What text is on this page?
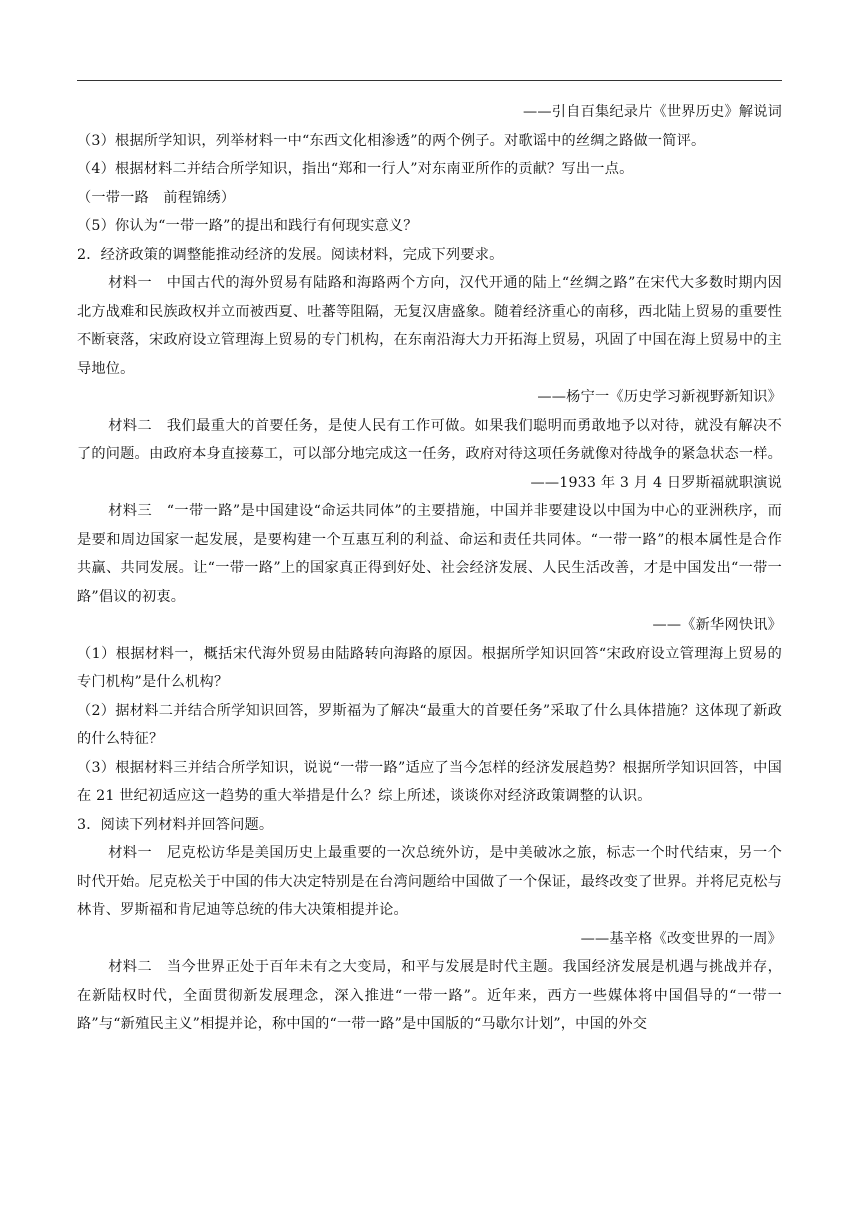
——引自百集纪录片《世界历史》解说词

（3）根据所学知识，列举材料一中“东西文化相渗透”的两个例子。对歌谣中的丝绸之路做一简评。

（4）根据材料二并结合所学知识，指出“郑和一行人”对东南亚所作的贡献？写出一点。

（一带一路　前程锦绣）

（5）你认为“一带一路”的提出和践行有何现实意义？

2．经济政策的调整能推动经济的发展。阅读材料，完成下列要求。

材料一　中国古代的海外贸易有陆路和海路两个方向，汉代开通的陆上“丝绸之路”在宋代大多数时期内因北方战难和民族政权并立而被西夏、吐蕃等阻隔，无复汉唐盛象。随着经济重心的南移，西北陆上贸易的重要性不断衰落，宋政府设立管理海上贸易的专门机构，在东南沿海大力开拓海上贸易，巩固了中国在海上贸易中的主导地位。

——杨宁一《历史学习新视野新知识》

材料二　我们最重大的首要任务，是使人民有工作可做。如果我们聪明而勇敢地予以对待，就没有解决不了的问题。由政府本身直接募工，可以部分地完成这一任务，政府对待这项任务就像对待战争的紧急状态一样。

——1933 年 3 月 4 日罗斯福就职演说

材料三　“一带一路”是中国建设“命运共同体”的主要措施，中国并非要建设以中国为中心的亚洲秩序，而是要和周边国家一起发展，是要构建一个互惠互利的利益、命运和责任共同体。“一带一路”的根本属性是合作共赢、共同发展。让“一带一路”上的国家真正得到好处、社会经济发展、人民生活改善，才是中国发出“一带一路”倡议的初衷。

——《新华网快讯》

（1）根据材料一，概括宋代海外贸易由陆路转向海路的原因。根据所学知识回答“宋政府设立管理海上贸易的专门机构”是什么机构？

（2）据材料二并结合所学知识回答，罗斯福为了解决“最重大的首要任务”采取了什么具体措施？这体现了新政的什么特征？

（3）根据材料三并结合所学知识，说说“一带一路”适应了当今怎样的经济发展趋势？根据所学知识回答，中国在 21 世纪初适应这一趋势的重大举措是什么？综上所述，谈谈你对经济政策调整的认识。

3．阅读下列材料并回答问题。

材料一　尼克松访华是美国历史上最重要的一次总统外访，是中美破冰之旅，标志一个时代结束，另一个时代开始。尼克松关于中国的伟大决定特别是在台湾问题给中国做了一个保证，最终改变了世界。并将尼克松与林肯、罗斯福和肯尼迪等总统的伟大决策相提并论。

——基辛格《改变世界的一周》

材料二　当今世界正处于百年未有之大变局，和平与发展是时代主题。我国经济发展是机遇与挑战并存，在新陆权时代，全面贯彻新发展理念，深入推进“一带一路”。近年来，西方一些媒体将中国倡导的“一带一路”与“新殖民主义”相提并论，称中国的“一带一路”是中国版的“马歇尔计划”，中国的外交
